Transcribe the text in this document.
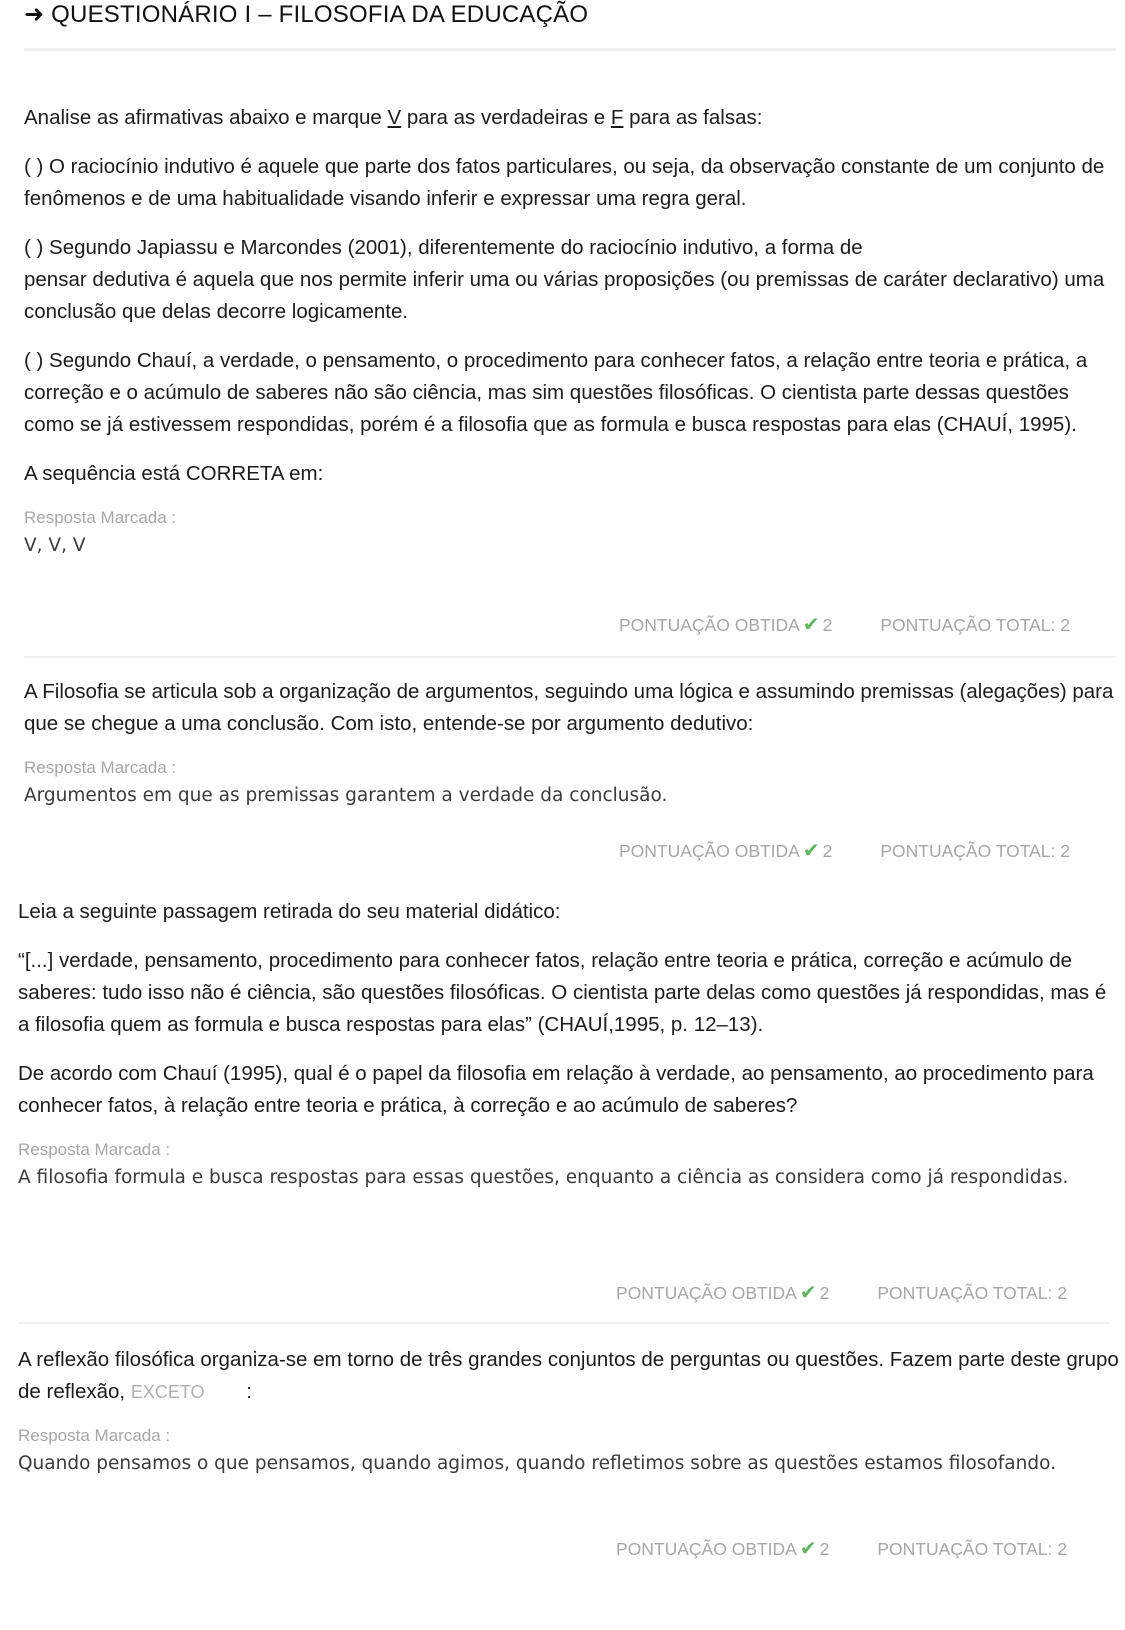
➜ QUESTIONÁRIO I – FILOSOFIA DA EDUCAÇÃO

Analise as afirmativas abaixo e marque V para as verdadeiras e F para as falsas:

( ) O raciocínio indutivo é aquele que parte dos fatos particulares, ou seja, da observação constante de um conjunto de fenômenos e de uma habitualidade visando inferir e expressar uma regra geral.

( ) Segundo Japiassu e Marcondes (2001), diferentemente do raciocínio indutivo, a forma de
pensar dedutiva é aquela que nos permite inferir uma ou várias proposições (ou premissas de caráter declarativo) uma conclusão que delas decorre logicamente.

( ) Segundo Chauí, a verdade, o pensamento, o procedimento para conhecer fatos, a relação entre teoria e prática, a correção e o acúmulo de saberes não são ciência, mas sim questões filosóficas. O cientista parte dessas questões como se já estivessem respondidas, porém é a filosofia que as formula e busca respostas para elas (CHAUÍ, 1995).

A sequência está CORRETA em:

Resposta Marcada :
V, V, V
PONTUAÇÃO OBTIDA ✔ 2	PONTUAÇÃO TOTAL: 2

A Filosofia se articula sob a organização de argumentos, seguindo uma lógica e assumindo premissas (alegações) para que se chegue a uma conclusão. Com isto, entende-se por argumento dedutivo:

Resposta Marcada :
Argumentos em que as premissas garantem a verdade da conclusão.
PONTUAÇÃO OBTIDA ✔ 2	PONTUAÇÃO TOTAL: 2

Leia a seguinte passagem retirada do seu material didático:

“[...] verdade, pensamento, procedimento para conhecer fatos, relação entre teoria e prática, correção e acúmulo de saberes: tudo isso não é ciência, são questões filosóficas. O cientista parte delas como questões já respondidas, mas é a filosofia quem as formula e busca respostas para elas” (CHAUÍ,1995, p. 12–13).

De acordo com Chauí (1995), qual é o papel da filosofia em relação à verdade, ao pensamento, ao procedimento para conhecer fatos, à relação entre teoria e prática, à correção e ao acúmulo de saberes?

Resposta Marcada :
A filosofia formula e busca respostas para essas questões, enquanto a ciência as considera como já respondidas.
PONTUAÇÃO OBTIDA ✔ 2	PONTUAÇÃO TOTAL: 2

A reflexão filosófica organiza-se em torno de três grandes conjuntos de perguntas ou questões. Fazem parte deste grupo de reflexão, EXCETO :

Resposta Marcada :
Quando pensamos o que pensamos, quando agimos, quando refletimos sobre as questões estamos filosofando.
PONTUAÇÃO OBTIDA ✔ 2	PONTUAÇÃO TOTAL: 2
